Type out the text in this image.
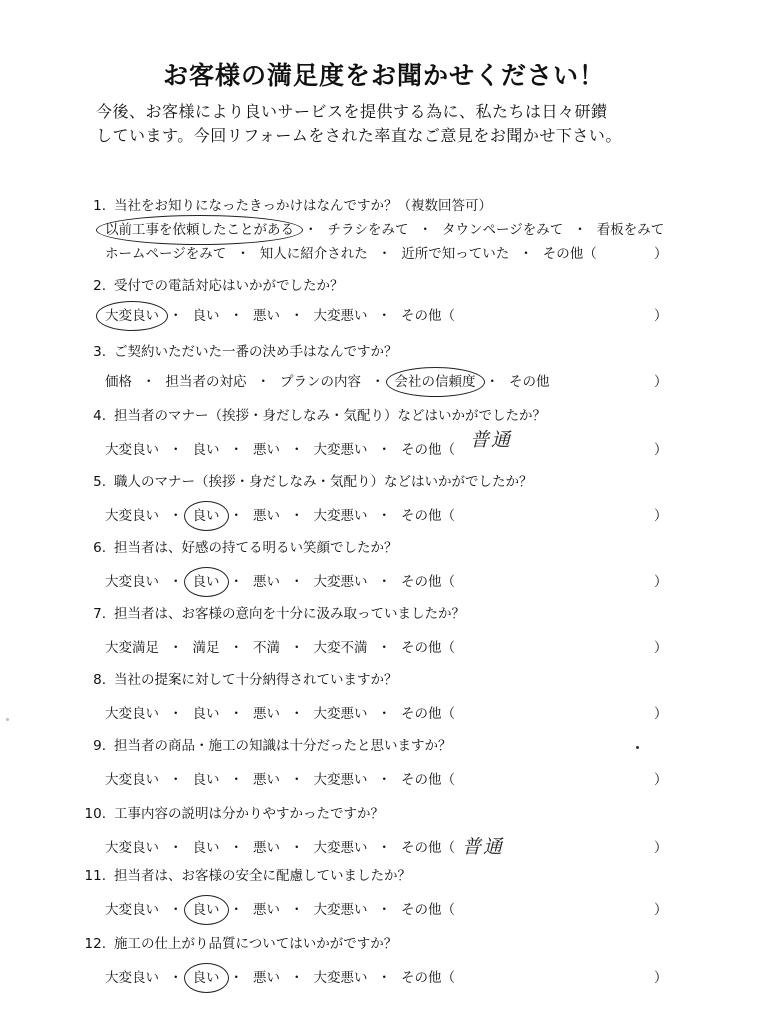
お客様の満足度をお聞かせください！
今後、お客様により良いサービスを提供する為に、私たちは日々研鑚
しています。今回リフォームをされた率直なご意見をお聞かせ下さい。
1. 当社をお知りになったきっかけはなんですか？（複数回答可）
以前工事を依頼したことがある ・ チラシをみて ・ タウンページをみて ・ 看板をみて
ホームページをみて ・ 知人に紹介された ・ 近所で知っていた ・ その他（	）
2. 受付での電話対応はいかがでしたか？
大変良い ・ 良い ・ 悪い ・ 大変悪い ・ その他（	）
3. ご契約いただいた一番の決め手はなんですか？
価格 ・ 担当者の対応 ・ プランの内容 ・ 会社の信頼度 ・ その他	）
4. 担当者のマナー（挨拶・身だしなみ・気配り）などはいかがでしたか？
大変良い ・ 良い ・ 悪い ・ 大変悪い ・ その他（	）
5. 職人のマナー（挨拶・身だしなみ・気配り）などはいかがでしたか？
大変良い ・ 良い ・ 悪い ・ 大変悪い ・ その他（	）
6. 担当者は、好感の持てる明るい笑顔でしたか？
大変良い ・ 良い ・ 悪い ・ 大変悪い ・ その他（	）
7. 担当者は、お客様の意向を十分に汲み取っていましたか？
大変満足 ・ 満足 ・ 不満 ・ 大変不満 ・ その他（	）
8. 当社の提案に対して十分納得されていますか？
大変良い ・ 良い ・ 悪い ・ 大変悪い ・ その他（	）
9. 担当者の商品・施工の知識は十分だったと思いますか？
大変良い ・ 良い ・ 悪い ・ 大変悪い ・ その他（	）
10. 工事内容の説明は分かりやすかったですか？
大変良い ・ 良い ・ 悪い ・ 大変悪い ・ その他（	）
11. 担当者は、お客様の安全に配慮していましたか？
大変良い ・ 良い ・ 悪い ・ 大変悪い ・ その他（	）
12. 施工の仕上がり品質についてはいかがですか？
大変良い ・ 良い ・ 悪い ・ 大変悪い ・ その他（	）
普通
普通
